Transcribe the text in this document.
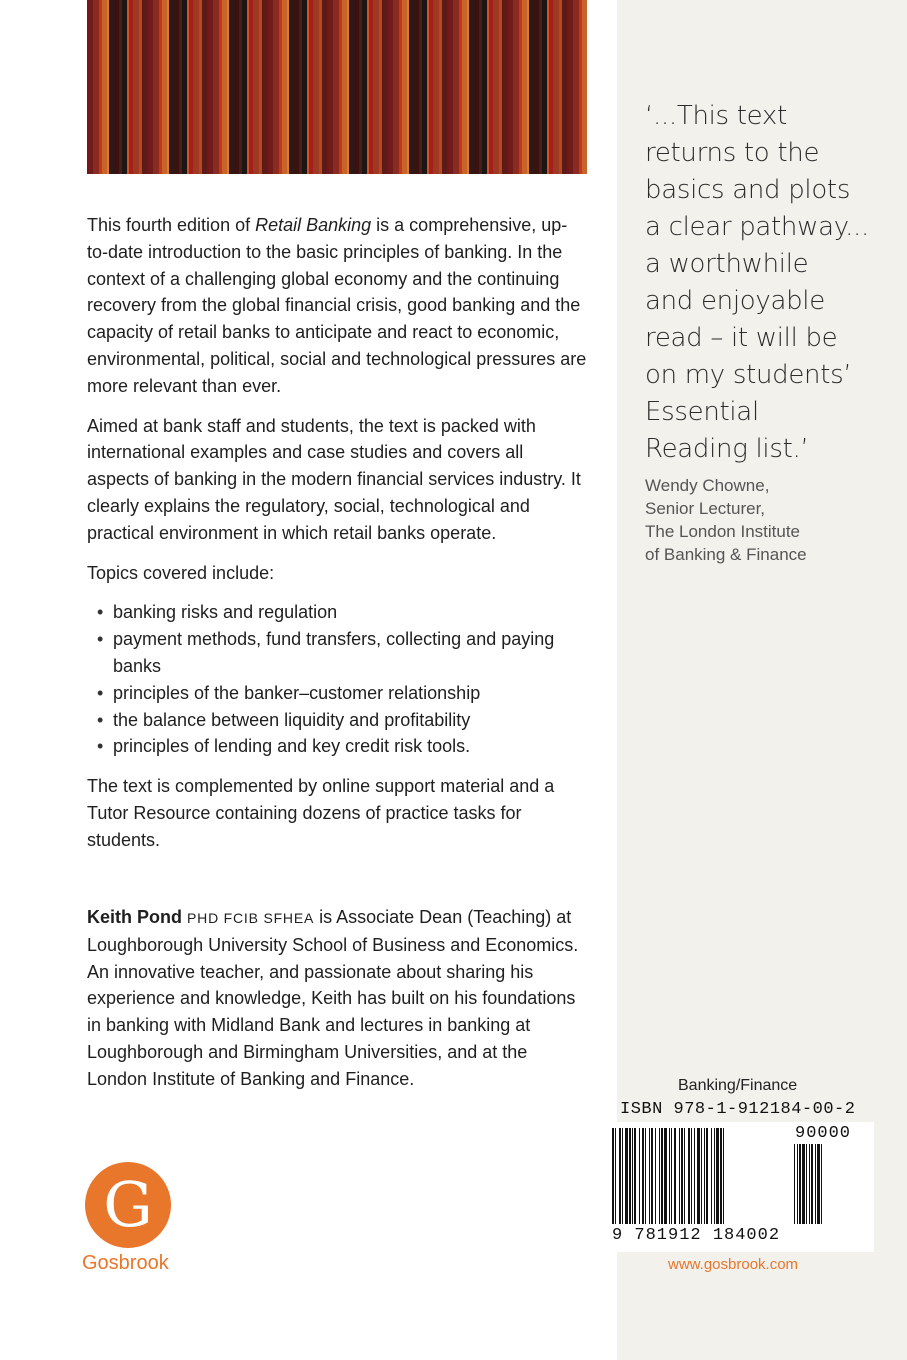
‘...This text
returns to the
basics and plots
a clear pathway...
a worthwhile
and enjoyable
read – it will be
on my students’
Essential
Reading list.’
Wendy Chowne,
Senior Lecturer,
The London Institute
of Banking & Finance

This fourth edition of Retail Banking is a comprehensive, up-to-date introduction to the basic principles of banking. In the context of a challenging global economy and the continuing recovery from the global financial crisis, good banking and the capacity of retail banks to anticipate and react to economic, environmental, political, social and technological pressures are more relevant than ever.

Aimed at bank staff and students, the text is packed with international examples and case studies and covers all aspects of banking in the modern financial services industry. It clearly explains the regulatory, social, technological and practical environment in which retail banks operate.

Topics covered include:

• banking risks and regulation
• payment methods, fund transfers, collecting and paying banks
• principles of the banker–customer relationship
• the balance between liquidity and profitability
• principles of lending and key credit risk tools.

The text is complemented by online support material and a Tutor Resource containing dozens of practice tasks for students.

Keith Pond PHD FCIB SFHEA is Associate Dean (Teaching) at Loughborough University School of Business and Economics. An innovative teacher, and passionate about sharing his experience and knowledge, Keith has built on his foundations in banking with Midland Bank and lectures in banking at Loughborough and Birmingham Universities, and at the London Institute of Banking and Finance.
G
Gosbrook
Banking/Finance
ISBN 978-1-912184-00-2
90000
9 781912 184002
www.gosbrook.com
